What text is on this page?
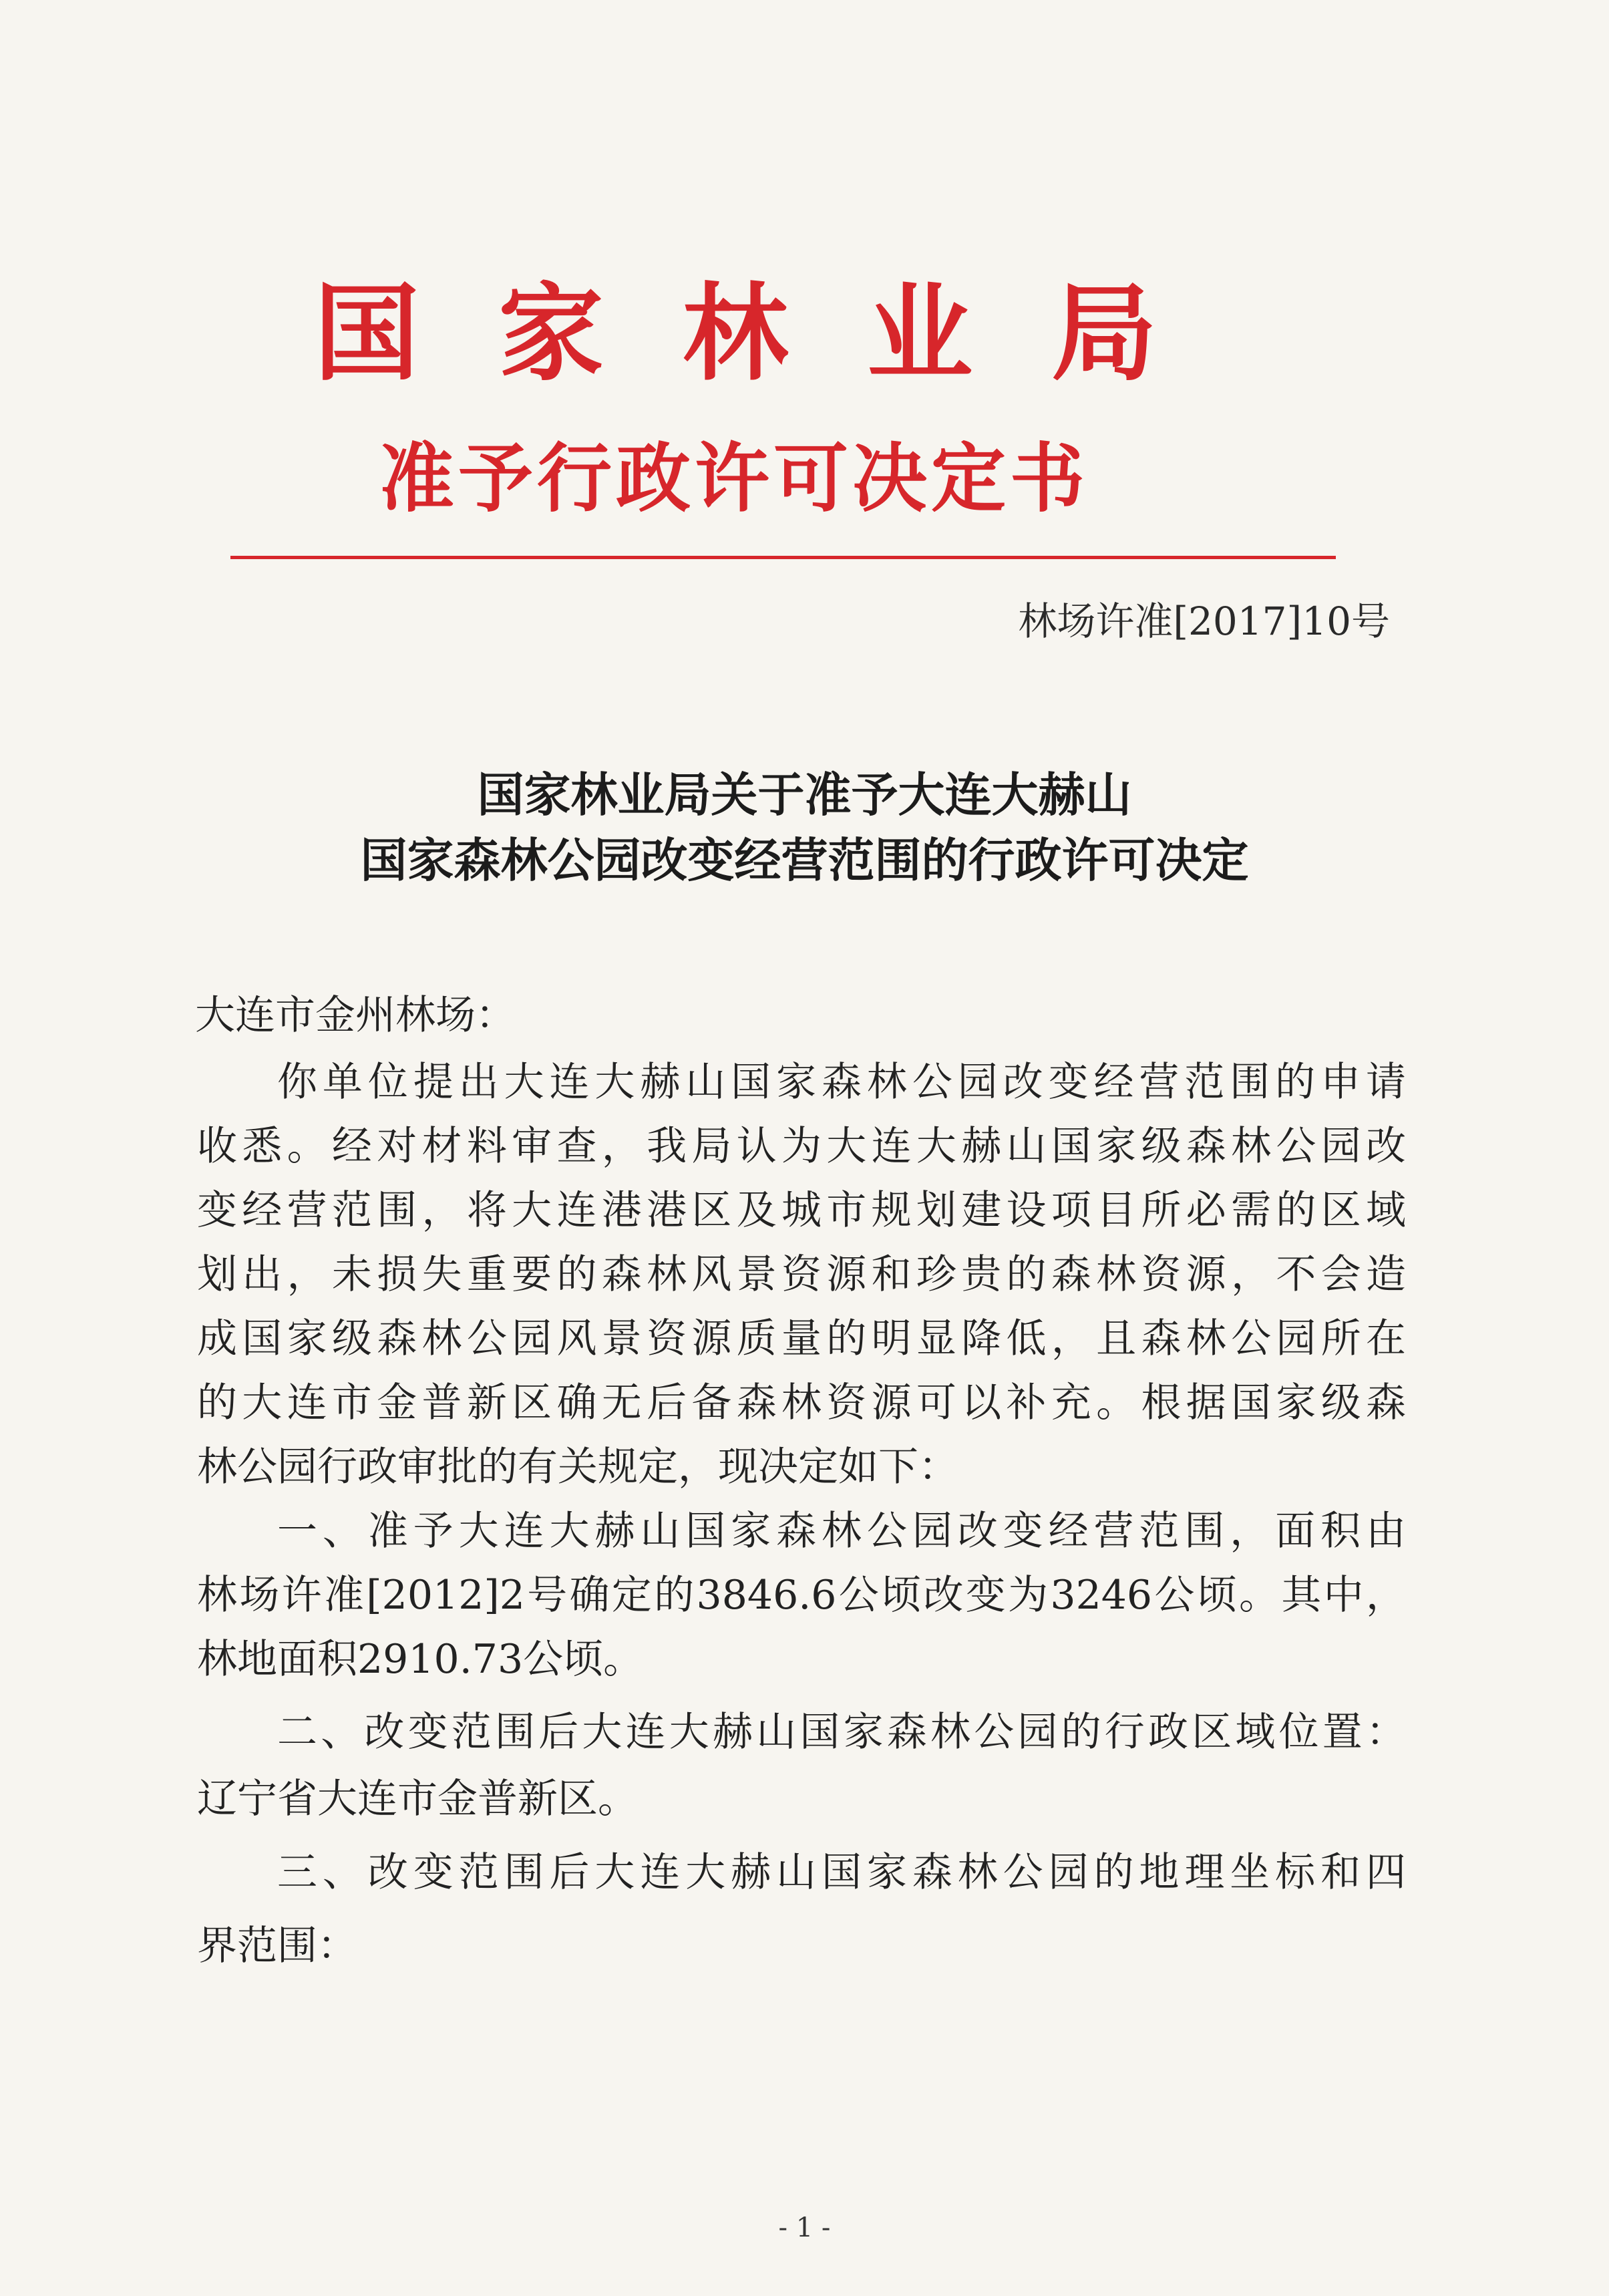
国家林业局
准予行政许可决定书
林场许准[2017]10号
国家林业局关于准予大连大赫山
国家森林公园改变经营范围的行政许可决定
大连市金州林场：
你单位提出大连大赫山国家森林公园改变经营范围的申请
收悉。经对材料审查，我局认为大连大赫山国家级森林公园改
变经营范围，将大连港港区及城市规划建设项目所必需的区域
划出，未损失重要的森林风景资源和珍贵的森林资源，不会造
成国家级森林公园风景资源质量的明显降低，且森林公园所在
的大连市金普新区确无后备森林资源可以补充。根据国家级森
林公园行政审批的有关规定，现决定如下：
一、准予大连大赫山国家森林公园改变经营范围，面积由
林场许准[2012]2号确定的3846.6公顷改变为3246公顷。其中，
林地面积2910.73公顷。
二、改变范围后大连大赫山国家森林公园的行政区域位置：
辽宁省大连市金普新区。
三、改变范围后大连大赫山国家森林公园的地理坐标和四
界范围：
- 1 -
